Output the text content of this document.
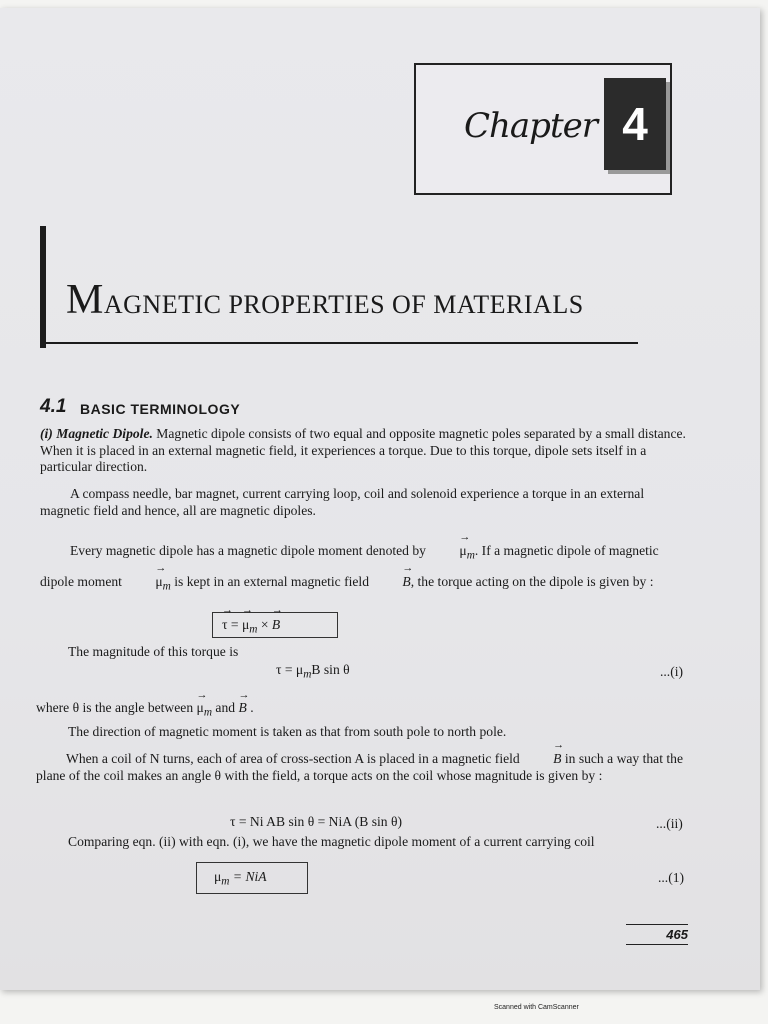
Chapter 4
MAGNETIC PROPERTIES OF MATERIALS
4.1 BASIC TERMINOLOGY
(i) Magnetic Dipole. Magnetic dipole consists of two equal and opposite magnetic poles separated by a small distance. When it is placed in an external magnetic field, it experiences a torque. Due to this torque, dipole sets itself in a particular direction.
A compass needle, bar magnet, current carrying loop, coil and solenoid experience a torque in an external magnetic field and hence, all are magnetic dipoles.
Every magnetic dipole has a magnetic dipole moment denoted by → $\mu_m$. If a magnetic dipole of magnetic dipole moment → $\mu_m$ is kept in an external magnetic field → B, the torque acting on the dipole is given by :
→ τ = → $\mu_m$ × → B
The magnitude of this torque is
$\tau = \mu_mB$ sin θ	...(i)
where θ is the angle between → $\mu_m$ and → B .
The direction of magnetic moment is taken as that from south pole to north pole.
When a coil of N turns, each of area of cross-section A is placed in a magnetic field → B in such a way that the plane of the coil makes an angle θ with the field, a torque acts on the coil whose magnitude is given by :
τ = Ni AB sin θ = NiA (B sin θ)	...(ii)
Comparing eqn. (ii) with eqn. (i), we have the magnetic dipole moment of a current carrying coil
$\mu_m$ = NiA	...(1)
465
Scanned with CamScanner
